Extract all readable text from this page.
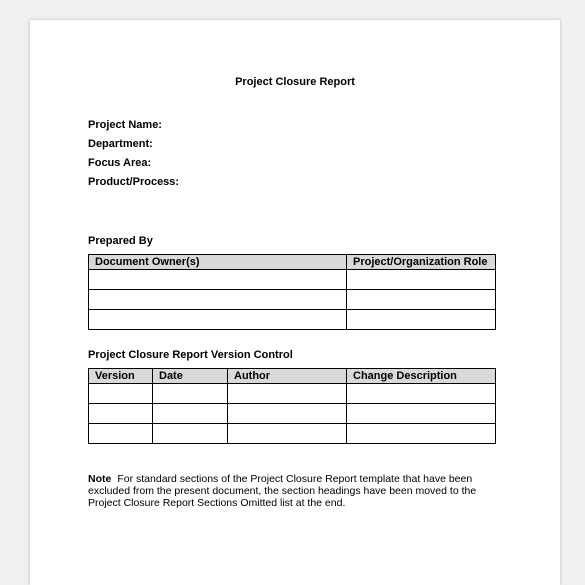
Project Closure Report
Project Name:
Department:
Focus Area:
Product/Process:
Prepared By
Document Owner(s)	Project/Organization Role

Project Closure Report Version Control
Version	Date	Author	Change Description

Note For standard sections of the Project Closure Report template that have been excluded from the present document, the section headings have been moved to the Project Closure Report Sections Omitted list at the end.
